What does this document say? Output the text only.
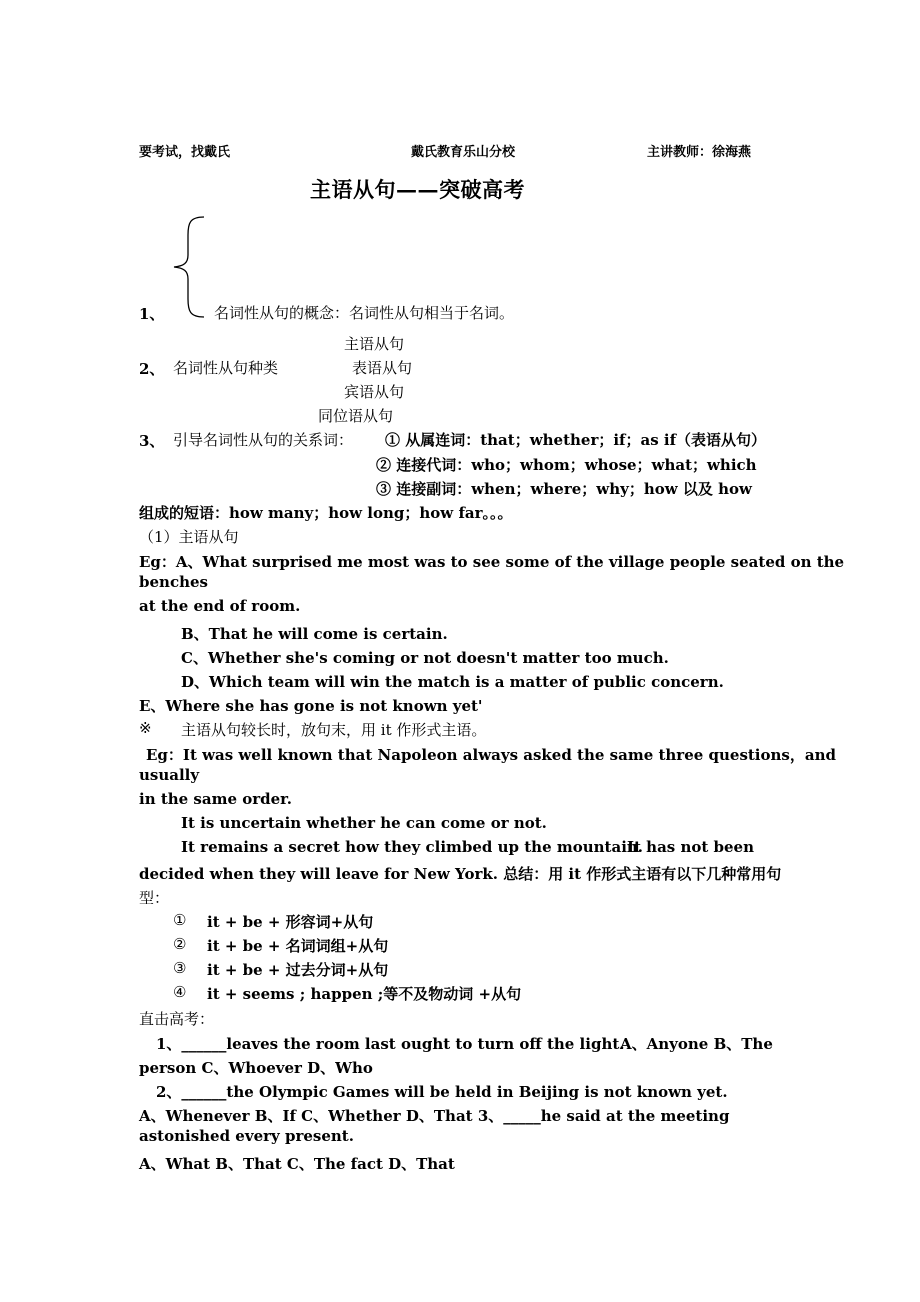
要考试，找戴氏	戴氏教育乐山分校	主讲教师：徐海燕
主语从句——突破高考
1、	名词性从句的概念：名词性从句相当于名词。
主语从句
2、 名词性从句种类	表语从句
宾语从句
同位语从句
3、 引导名词性从句的关系词： ① 从属连词：that；whether；if；as if（表语从句）
② 连接代词：who；whom；whose；what；which
③ 连接副词：when；where；why；how 以及 how
组成的短语：how many；how long；how far。。。
（1）主语从句
Eg：A、What surprised me most was to see some of the village people seated on the
benches
at the end of room.
B、That he will come is certain.
C、Whether she's coming or not doesn't matter too much.
D、Which team will win the match is a matter of public concern.
E、Where she has gone is not known yet'
※ 主语从句较长时，放句末，用 it 作形式主语。
Eg：It was well known that Napoleon always asked the same three questions，and
usually
in the same order.
It is uncertain whether he can come or not.
It remains a secret how they climbed up the mountain.
It has not been
decided when they will leave for New York. 总结：用 it 作形式主语有以下几种常用句
型：
① it + be + 形容词+从句
② it + be + 名词词组+从句
③ it + be + 过去分词+从句
④ it + seems ; happen ;等不及物动词 +从句
直击高考：
1、______leaves the room last ought to turn off the light.
A、Anyone B、The
person C、Whoever D、Who
2、______the Olympic Games will be held in Beijing is not known yet.
A、Whenever B、If C、Whether D、That 3、_____he said at the meeting
astonished every present.
A、What B、That C、The fact D、That
